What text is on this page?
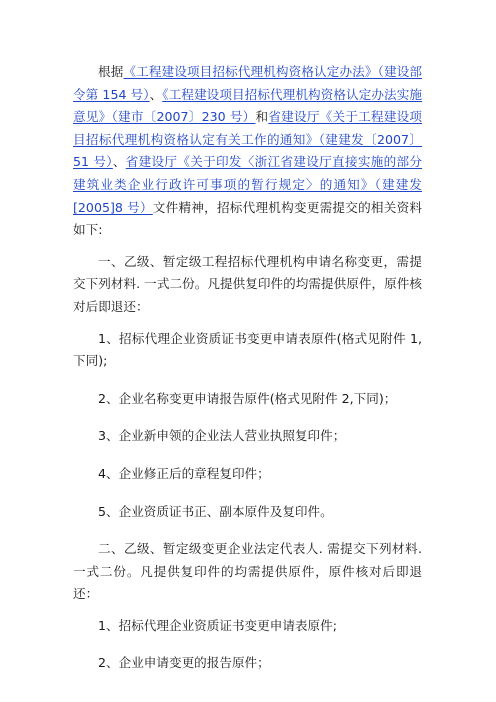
根据《工程建设项目招标代理机构资格认定办法》（建设部令第 154 号）、《工程建设项目招标代理机构资格认定办法实施意见》（建市〔2007〕230 号）和省建设厅《关于工程建设项目招标代理机构资格认定有关工作的通知》（建建发〔2007〕51 号）、省建设厅《关于印发〈浙江省建设厅直接实施的部分建筑业类企业行政许可事项的暂行规定〉的通知》（建建发[2005]8 号）文件精神，招标代理机构变更需提交的相关资料如下:

一、乙级、暂定级工程招标代理机构申请名称变更，需提交下列材料. 一式二份。凡提供复印件的均需提供原件，原件核对后即退还：

1、招标代理企业资质证书变更申请表原件(格式见附件 1,下同);

2、企业名称变更申请报告原件(格式见附件 2,下同)；

3、企业新申领的企业法人营业执照复印件；

4、企业修正后的章程复印件；

5、企业资质证书正、副本原件及复印件。

二、乙级、暂定级变更企业法定代表人. 需提交下列材料. 一式二份。凡提供复印件的均需提供原件，原件核对后即退还：

1、招标代理企业资质证书变更申请表原件;

2、企业申请变更的报告原件；
